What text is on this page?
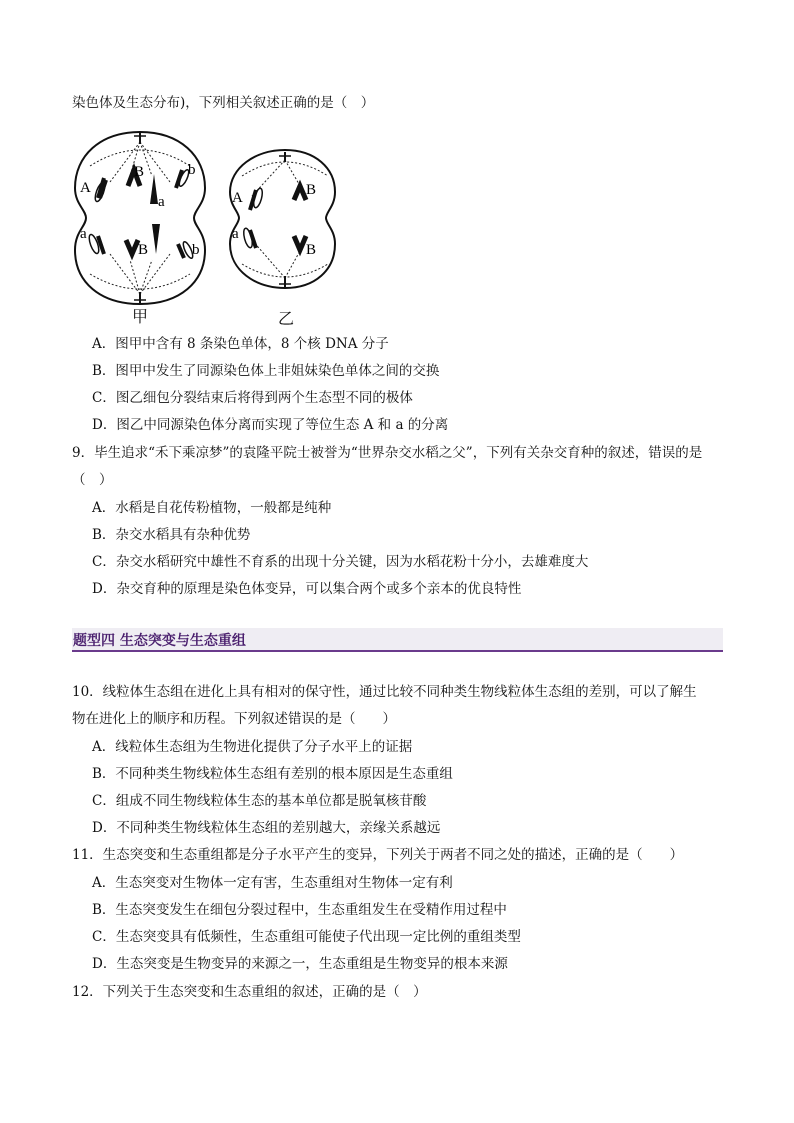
染色体及生态分布)，下列相关叙述正确的是（　）
A
B
a
b
a
B	b
A	B
a
B
甲	乙
A．图甲中含有 8 条染色单体，8 个核 DNA 分子
B．图甲中发生了同源染色体上非姐妹染色单体之间的交换
C．图乙细包分裂结束后将得到两个生态型不同的极体
D．图乙中同源染色体分离而实现了等位生态 A 和 a 的分离
9．毕生追求“禾下乘凉梦”的袁隆平院士被誉为“世界杂交水稻之父”，下列有关杂交育种的叙述，错误的是
（　）
A．水稻是自花传粉植物，一般都是纯种
B．杂交水稻具有杂种优势
C．杂交水稻研究中雄性不育系的出现十分关键，因为水稻花粉十分小，去雄难度大
D．杂交育种的原理是染色体变异，可以集合两个或多个亲本的优良特性
题型四 生态突变与生态重组
10．线粒体生态组在进化上具有相对的保守性，通过比较不同种类生物线粒体生态组的差别，可以了解生
物在进化上的顺序和历程。下列叙述错误的是（　　）
A．线粒体生态组为生物进化提供了分子水平上的证据
B．不同种类生物线粒体生态组有差别的根本原因是生态重组
C．组成不同生物线粒体生态的基本单位都是脱氧核苷酸
D．不同种类生物线粒体生态组的差别越大，亲缘关系越远
11．生态突变和生态重组都是分子水平产生的变异，下列关于两者不同之处的描述，正确的是（　　）
A．生态突变对生物体一定有害，生态重组对生物体一定有利
B．生态突变发生在细包分裂过程中，生态重组发生在受精作用过程中
C．生态突变具有低频性，生态重组可能使子代出现一定比例的重组类型
D．生态突变是生物变异的来源之一，生态重组是生物变异的根本来源
12．下列关于生态突变和生态重组的叙述，正确的是（　）
